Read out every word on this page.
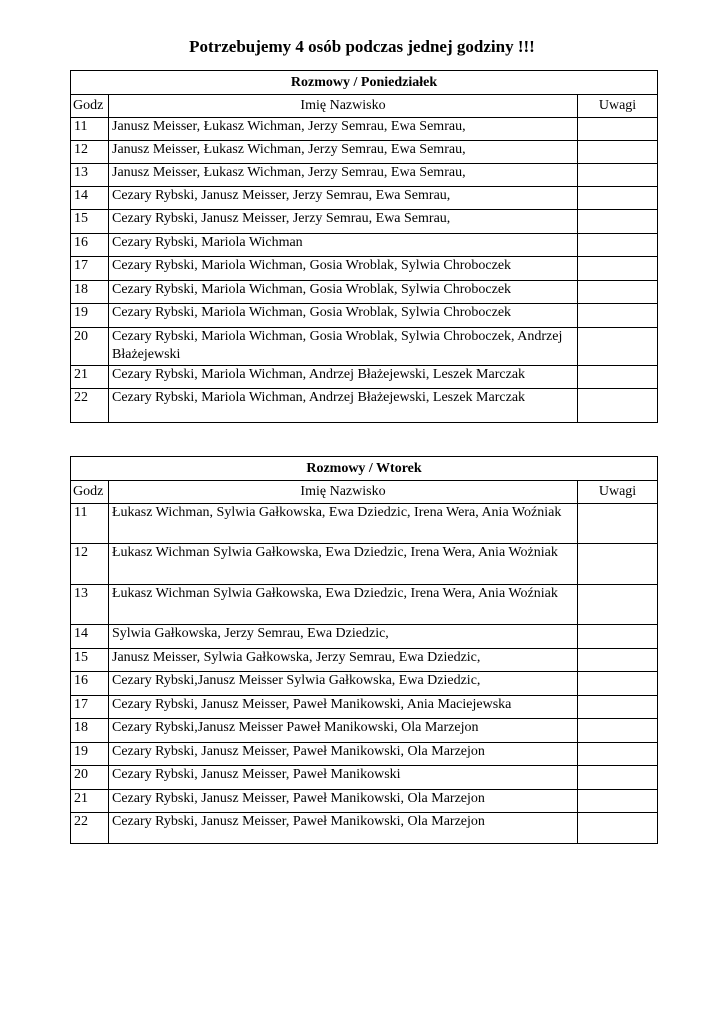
Potrzebujemy 4 osób podczas jednej godziny !!!
Rozmowy / Poniedziałek		
Godz	Imię Nazwisko	Uwagi
11	Janusz Meisser, Łukasz Wichman, Jerzy Semrau, Ewa Semrau,	
12	Janusz Meisser, Łukasz Wichman, Jerzy Semrau, Ewa Semrau,	
13	Janusz Meisser, Łukasz Wichman, Jerzy Semrau, Ewa Semrau,	
14	Cezary Rybski, Janusz Meisser, Jerzy Semrau, Ewa Semrau,	
15	Cezary Rybski, Janusz Meisser, Jerzy Semrau, Ewa Semrau,	
16	Cezary Rybski, Mariola Wichman	
17	Cezary Rybski, Mariola Wichman, Gosia Wroblak, Sylwia Chroboczek	
18	Cezary Rybski, Mariola Wichman, Gosia Wroblak, Sylwia Chroboczek	
19	Cezary Rybski, Mariola Wichman, Gosia Wroblak, Sylwia Chroboczek	
20	Cezary Rybski, Mariola Wichman, Gosia Wroblak, Sylwia Chroboczek, Andrzej Błażejewski	
21	Cezary Rybski, Mariola Wichman, Andrzej Błażejewski, Leszek Marczak	
22	Cezary Rybski, Mariola Wichman, Andrzej Błażejewski, Leszek Marczak	
Rozmowy / Wtorek		
Godz	Imię Nazwisko	Uwagi
11	Łukasz Wichman, Sylwia Gałkowska, Ewa Dziedzic, Irena Wera, Ania Woźniak	
12	Łukasz Wichman Sylwia Gałkowska, Ewa Dziedzic, Irena Wera, Ania Wożniak	
13	Łukasz Wichman Sylwia Gałkowska, Ewa Dziedzic, Irena Wera, Ania Woźniak	
14	Sylwia Gałkowska, Jerzy Semrau, Ewa Dziedzic,	
15	Janusz Meisser, Sylwia Gałkowska, Jerzy Semrau, Ewa Dziedzic,	
16	Cezary Rybski,Janusz Meisser Sylwia Gałkowska, Ewa Dziedzic,	
17	Cezary Rybski, Janusz Meisser, Paweł Manikowski, Ania Maciejewska	
18	Cezary Rybski,Janusz Meisser Paweł Manikowski, Ola Marzejon	
19	Cezary Rybski, Janusz Meisser, Paweł Manikowski, Ola Marzejon	
20	Cezary Rybski, Janusz Meisser, Paweł Manikowski	
21	Cezary Rybski, Janusz Meisser, Paweł Manikowski, Ola Marzejon	
22	Cezary Rybski, Janusz Meisser, Paweł Manikowski, Ola Marzejon	
